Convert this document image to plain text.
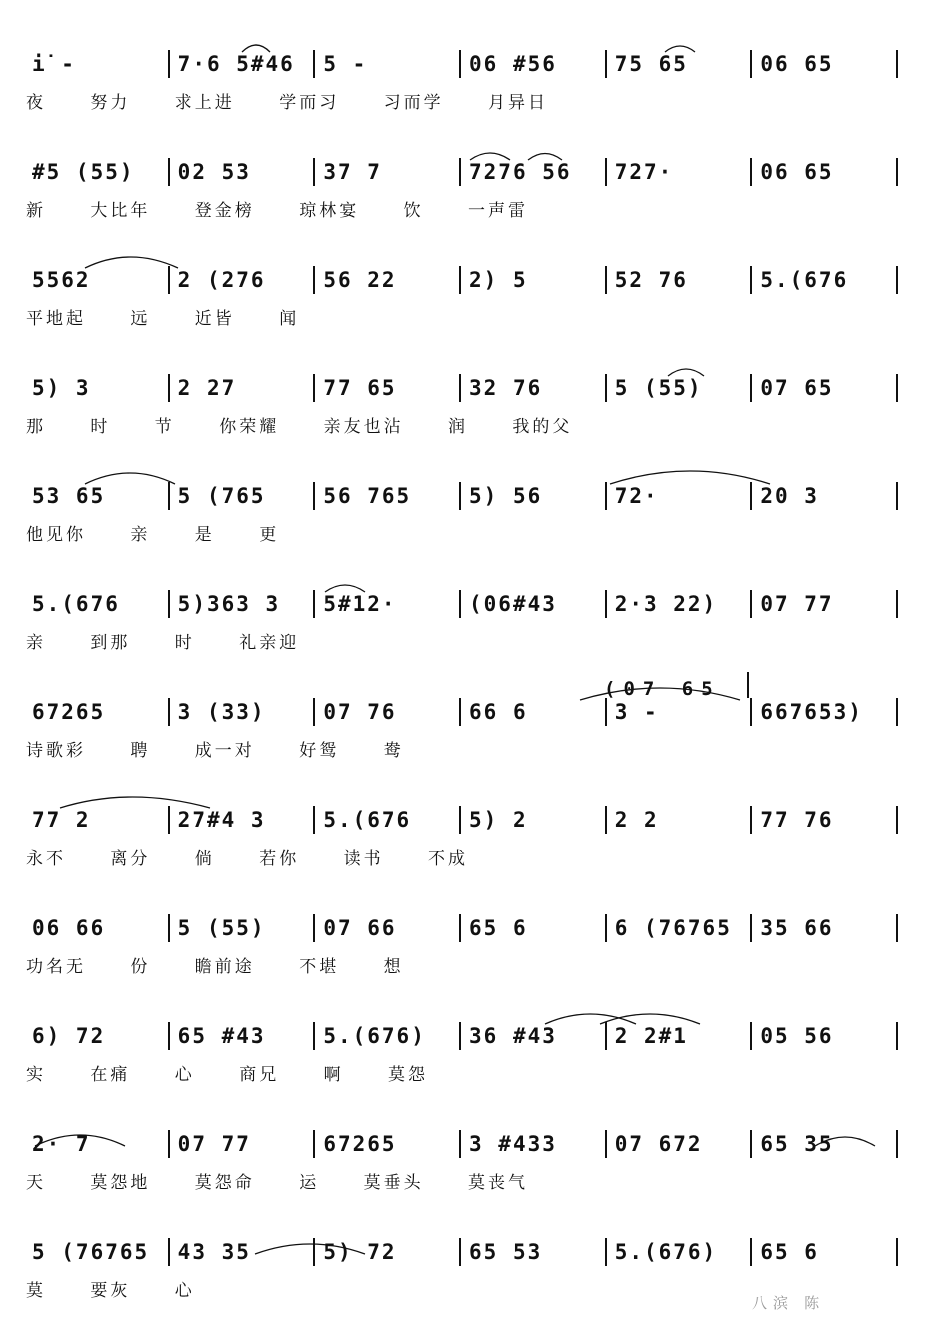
i̇ -	7·6 5#46	5 -	06 #56	75 65	06 65
夜 努力 求上进 学而习 习而学 月异日
#5 (55)	02 53	37 7	7276 56	727·	06 65
新 大比年 登金榜 琼林宴 饮 一声雷
5562	2 (276	56 22	2) 5	52 76	5.(676
平地起 远 近皆 闻
5) 3	2 27	77 65	32 76	5 (55)	07 65
那 时 节 你荣耀 亲友也沾 润 我的父
53 65	5 (765	56 765	5) 56	72·	20 3
他见你 亲 是 更
5.(676	5)363 3	5#12·	(06#43	2·3 22)	07 77
亲 到那 时 礼亲迎
67265	3 (33)	07 76	66 6	3 -	667653)
诗歌彩 聘 成一对 好鸳 鸯
77 2	27#4 3	5.(676	5) 2	2 2	77 76
永不 离分 倘 若你 读书 不成
06 66	5 (55)	07 66	65 6	6 (76765	35 66
功名无 份 瞻前途 不堪 想
6) 72	65 #43	5.(676)	36 #43	2 2#1	05 56
实 在痛 心 商兄 啊 莫怨
2· 7	07 77	67265	3 #433	07 672	65 35
天 莫怨地 莫怨命 运 莫垂头 莫丧气
5 (76765	43 35	5) 72	65 53	5.(676)	65 6
莫 要灰 心
(07 65
八滨 陈
